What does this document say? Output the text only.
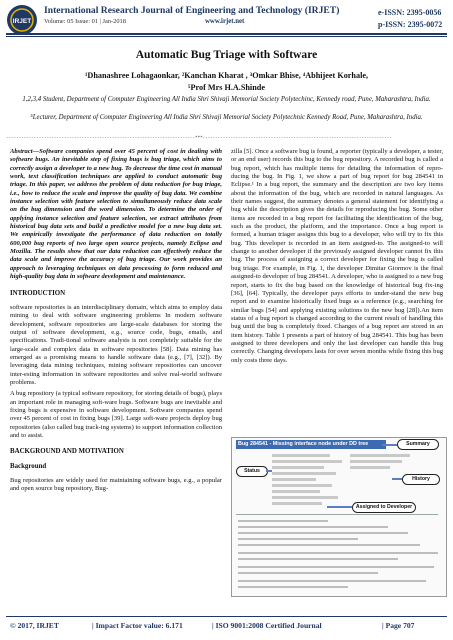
IRJET
International Research Journal of Engineering and Technology (IRJET)
Volume: 05 Issue: 01 | Jan-2018	www.irjet.net
e-ISSN: 2395-0056
p-ISSN: 2395-0072
Automatic Bug Triage with Software
¹Dhanashree Lohagaonkar, ²Kanchan Kharat , ³Omkar Bhise, ⁴Abhijeet Korhale,
⁵Prof Mrs H.A.Shinde
1,2,3,4 Student, Department of Computer Engineering All India Shri Shivaji Memorial Society Polytechinc, Kennedy road, Pune, Maharashtra, India.
⁵Lecturer, Department of Computer Engineering All India Shri Shivaji Memorial Society Polytechnic Kennedy Road, Pune, Maharashtra, India.
---------------------------------------------------------------------------***---------------------------------------------------------------------------

Abstract—Software companies spend over 45 percent of cost in dealing with software bugs. An inevitable step of fixing bugs is bug triage, which aims to correctly assign a developer to a new bug. To decrease the time cost in manual work, text classification techniques are applied to conduct automatic bug triage. In this paper, we address the problem of data reduction for bug triage, i.e., how to reduce the scale and improve the quality of bug data. We combine instance selection with feature selection to simultaneously reduce data scale on the bug dimension and the word dimension. To determine the order of applying instance selection and feature selection, we extract attributes from historical bug data sets and build a predictive model for a new bug data set. We empirically investigate the performance of data reduction on totally 600,000 bug reports of two large open source projects, namely Eclipse and Mozilla. The results show that our data reduction can effectively reduce the data scale and improve the accuracy of bug triage. Our work provides an approach to leveraging techniques on data processing to form reduced and high-quality bug data in software development and maintenance.

INTRODUCTION

software repositories is an interdisciplinary domain, which aims to employ data mining to deal with software engineering problems In modern software development, software repositories are large-scale databases for storing the output of software development, e.g., source code, bugs, emails, and specifications. Tradi-tional software analysis is not completely suitable for the large-scale and complex data in software repositories [58]. Data mining has emerged as a promising means to handle software data (e.g., [7], [32]). By leveraging data mining techniques, mining software repositories can uncover inter-esting information in software repositories and solve real-world software problems.

A bug repository (a typical software repository, for storing details of bugs), plays an important role in managing soft-ware bugs. Software bugs are inevitable and fixing bugs is expensive in software development. Software companies spend over 45 percent of cost in fixing bugs [39]. Large soft-ware projects deploy bug repositories (also called bug track-ing systems) to support information collection and to assist.

BACKGROUND AND MOTIVATION
Background

Bug repositories are widely used for maintaining software bugs, e.g., a popular and open source bug repository, Bug-

zilla [5]. Once a software bug is found, a reporter (typically a developer, a tester, or an end user) records this bug to the bug repository. A recorded bug is called a bug report, which has multiple items for detailing the information of repro-ducing the bug. In Fig. 1, we show a part of bug report for bug 284541 in Eclipse.¹ In a bug report, the summary and the description are two key items about the information of the bug, which are recorded in natural languages. As their names suggest, the summary denotes a general statement for identifying a bug while the description gives the details for reproducing the bug. Some other items are recorded in a bug report for facilitating the identification of the bug, such as the product, the platform, and the importance. Once a bug report is formed, a human triager assigns this bug to a developer, who will try to fix this bug. This developer is recorded in an item assigned-to. The assigned-to will change to another developer if the previously assigned developer cannot fix this bug. The process of assigning a correct developer for fixing the bug is called bug triage. For example, in Fig. 1, the developer Dimitar Giormov is the final assigned-to developer of bug 284541. A developer, who is assigned to a new bug report, starts to fix the bug based on the knowledge of historical bug fix-ing [36], [64]. Typically, the developer pays efforts to under-stand the new bug report and to examine historically fixed bugs as a reference (e.g., searching for similar bugs [54] and applying existing solutions to the new bug [28]).An item status of a bug report is changed according to the current result of handling this bug until the bug is completely fixed. Changes of a bug report are stored in an item history. Table 1 presents a part of history of bug 284541. This bug has been assigned to three developers and only the last developer can handle this bug correctly. Changing developers lasts for over seven months while fixing this bug only costs three days.

Bug 284541 - Missing interface node under DD tree	Summary
Status
History
Assigned to Developer
© 2017, IRJET	| Impact Factor value: 6.171	| ISO 9001:2008 Certified Journal	| Page 707
